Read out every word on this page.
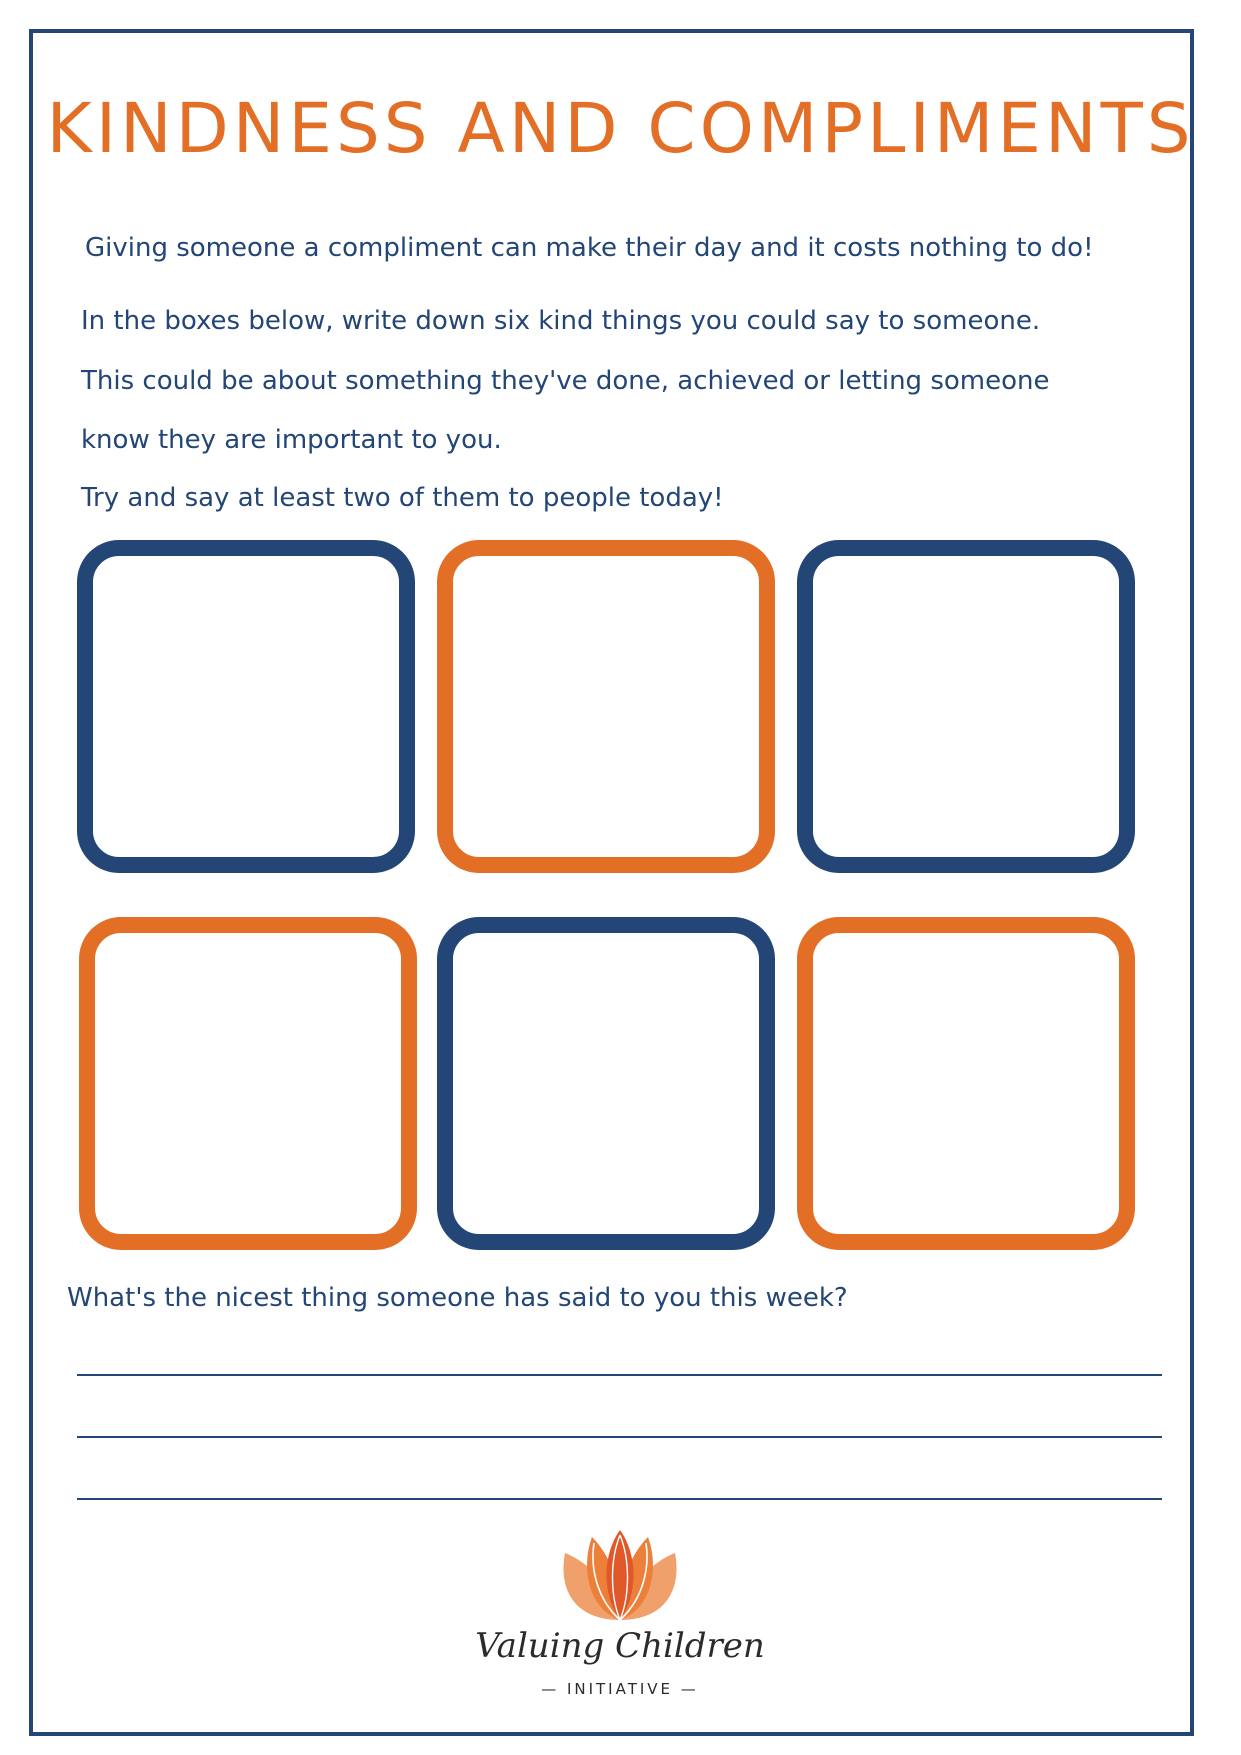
KINDNESS AND COMPLIMENTS
Giving someone a compliment can make their day and it costs nothing to do!
In the boxes below, write down six kind things you could say to someone.
This could be about something they've done, achieved or letting someone
know they are important to you.
Try and say at least two of them to people today!
What's the nicest thing someone has said to you this week?
Valuing Children
— INITIATIVE —
